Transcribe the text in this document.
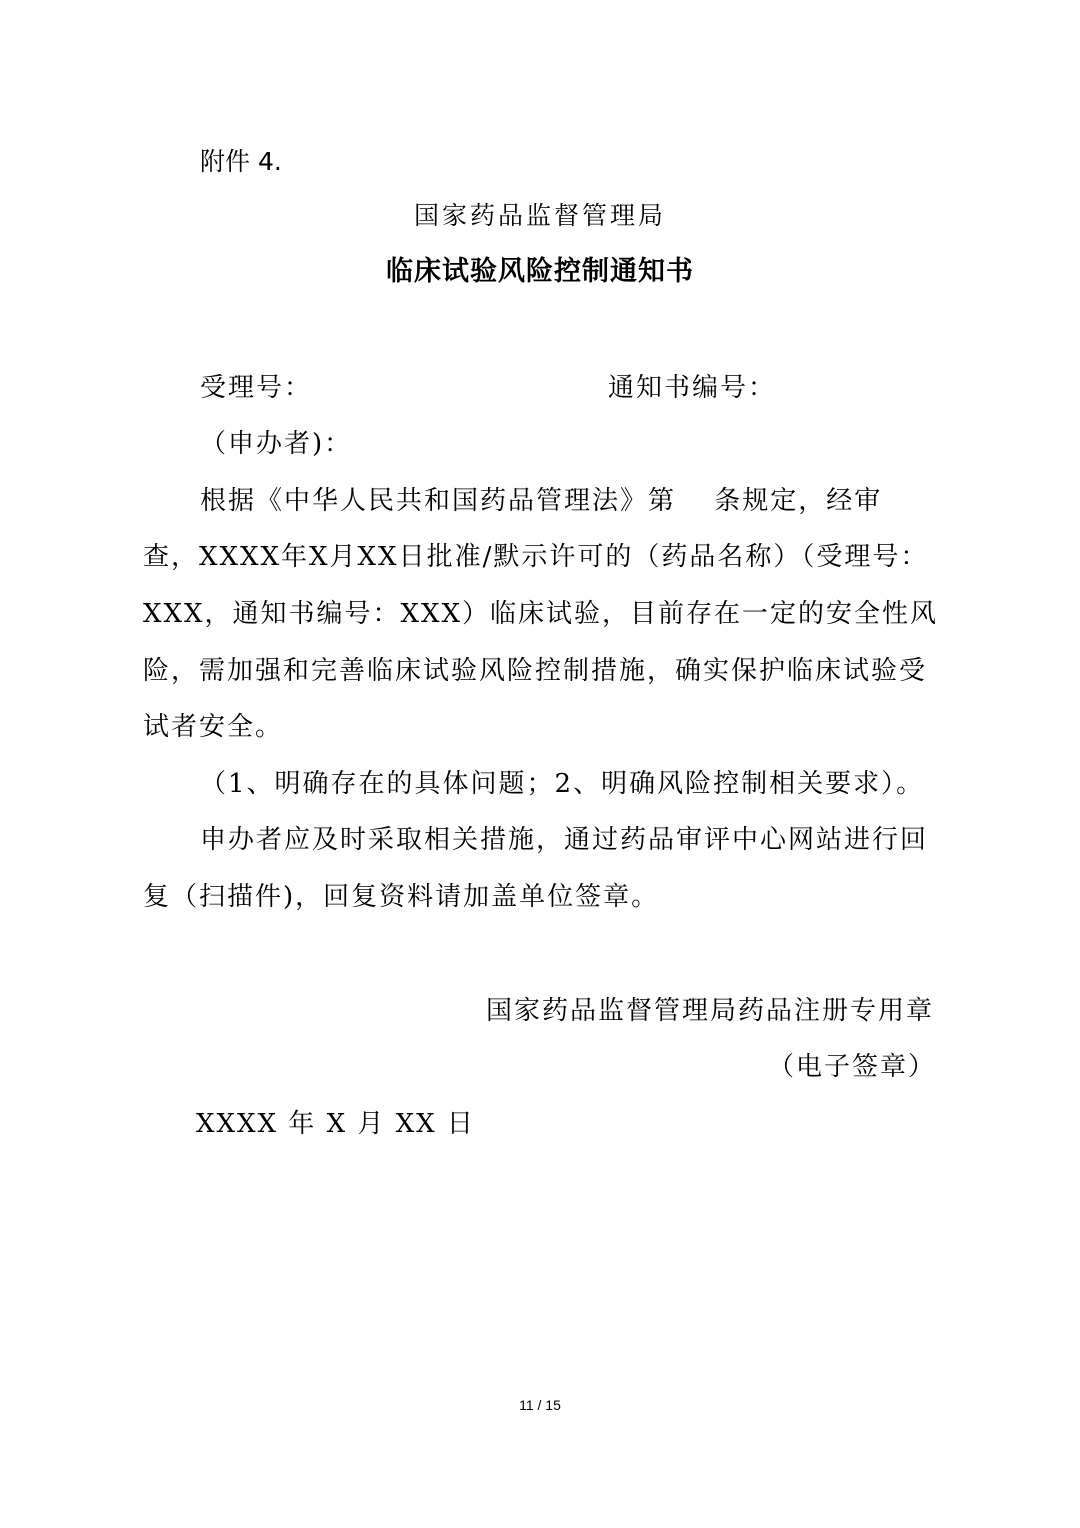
附件 4.
国家药品监督管理局
临床试验风险控制通知书
受理号：	通知书编号：
（申办者)：
根据《中华人民共和国药品管理法》第　 条规定，经审
查，XXXX年X月XX日批准/默示许可的（药品名称）（受理号：
XXX，通知书编号：XXX）临床试验，目前存在一定的安全性风
险，需加强和完善临床试验风险控制措施，确实保护临床试验受
试者安全。
（1、明确存在的具体问题；2、明确风险控制相关要求）。
申办者应及时采取相关措施，通过药品审评中心网站进行回
复（扫描件)，回复资料请加盖单位签章。
国家药品监督管理局药品注册专用章
（电子签章）
XXXX 年 X 月 XX 日
11 / 15
